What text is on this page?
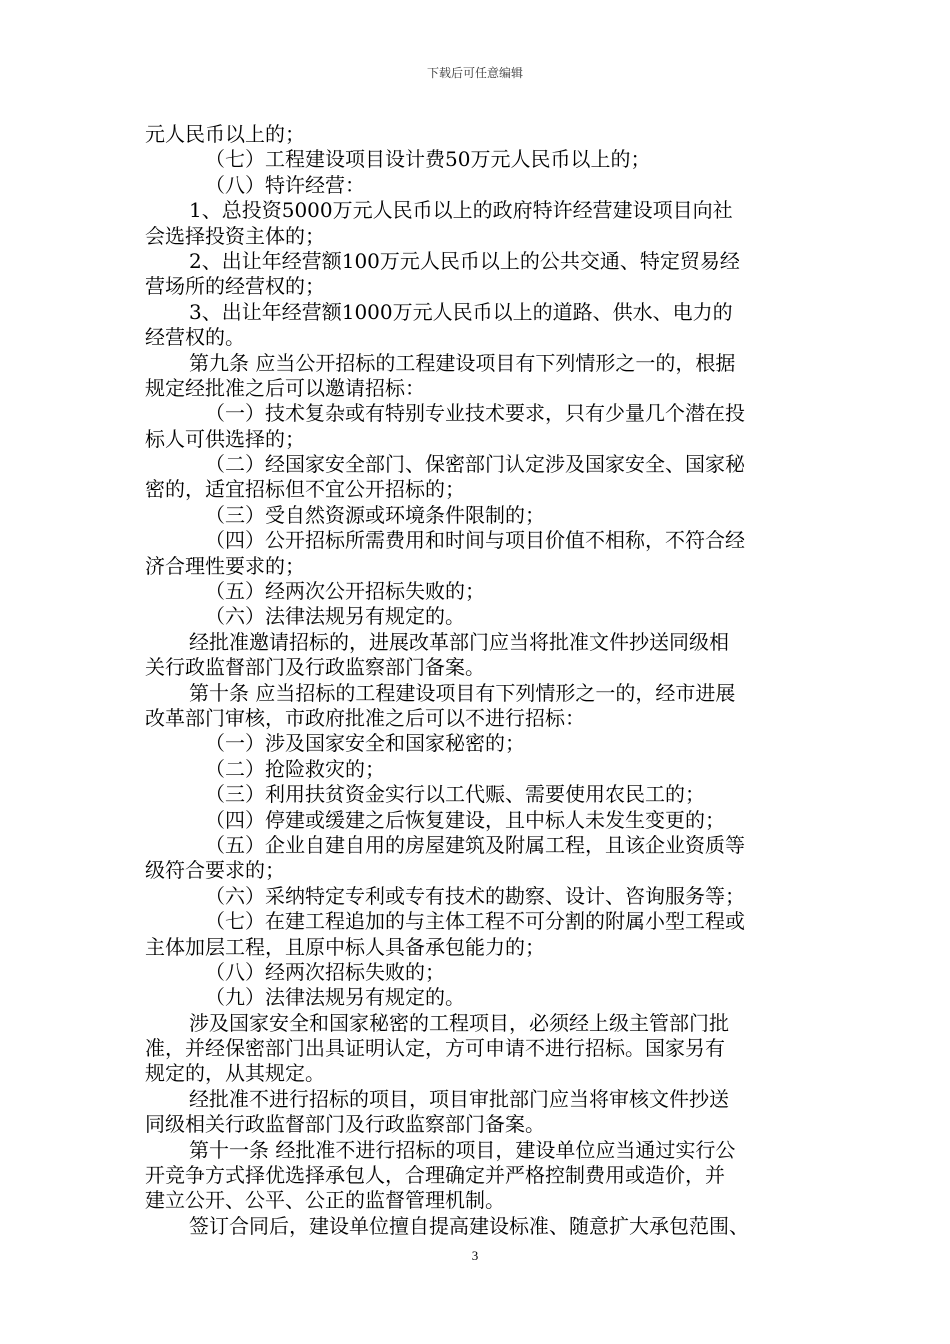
下载后可任意编辑
元人民币以上的；
（七）工程建设项目设计费50万元人民币以上的；
（八）特许经营：
1、总投资5000万元人民币以上的政府特许经营建设项目向社
会选择投资主体的；
2、出让年经营额100万元人民币以上的公共交通、特定贸易经
营场所的经营权的；
3、出让年经营额1000万元人民币以上的道路、供水、电力的
经营权的。
第九条 应当公开招标的工程建设项目有下列情形之一的，根据
规定经批准之后可以邀请招标：
（一）技术复杂或有特别专业技术要求，只有少量几个潜在投
标人可供选择的；
（二）经国家安全部门、保密部门认定涉及国家安全、国家秘
密的，适宜招标但不宜公开招标的；
（三）受自然资源或环境条件限制的；
（四）公开招标所需费用和时间与项目价值不相称，不符合经
济合理性要求的；
（五）经两次公开招标失败的；
（六）法律法规另有规定的。
经批准邀请招标的，进展改革部门应当将批准文件抄送同级相
关行政监督部门及行政监察部门备案。
第十条 应当招标的工程建设项目有下列情形之一的，经市进展
改革部门审核，市政府批准之后可以不进行招标：
（一）涉及国家安全和国家秘密的；
（二）抢险救灾的；
（三）利用扶贫资金实行以工代赈、需要使用农民工的；
（四）停建或缓建之后恢复建设，且中标人未发生变更的；
（五）企业自建自用的房屋建筑及附属工程，且该企业资质等
级符合要求的；
（六）采纳特定专利或专有技术的勘察、设计、咨询服务等；
（七）在建工程追加的与主体工程不可分割的附属小型工程或
主体加层工程，且原中标人具备承包能力的；
（八）经两次招标失败的；
（九）法律法规另有规定的。
涉及国家安全和国家秘密的工程项目，必须经上级主管部门批
准，并经保密部门出具证明认定，方可申请不进行招标。国家另有
规定的，从其规定。
经批准不进行招标的项目，项目审批部门应当将审核文件抄送
同级相关行政监督部门及行政监察部门备案。
第十一条 经批准不进行招标的项目，建设单位应当通过实行公
开竞争方式择优选择承包人，合理确定并严格控制费用或造价，并
建立公开、公平、公正的监督管理机制。
签订合同后，建设单位擅自提高建设标准、随意扩大承包范围、
3
